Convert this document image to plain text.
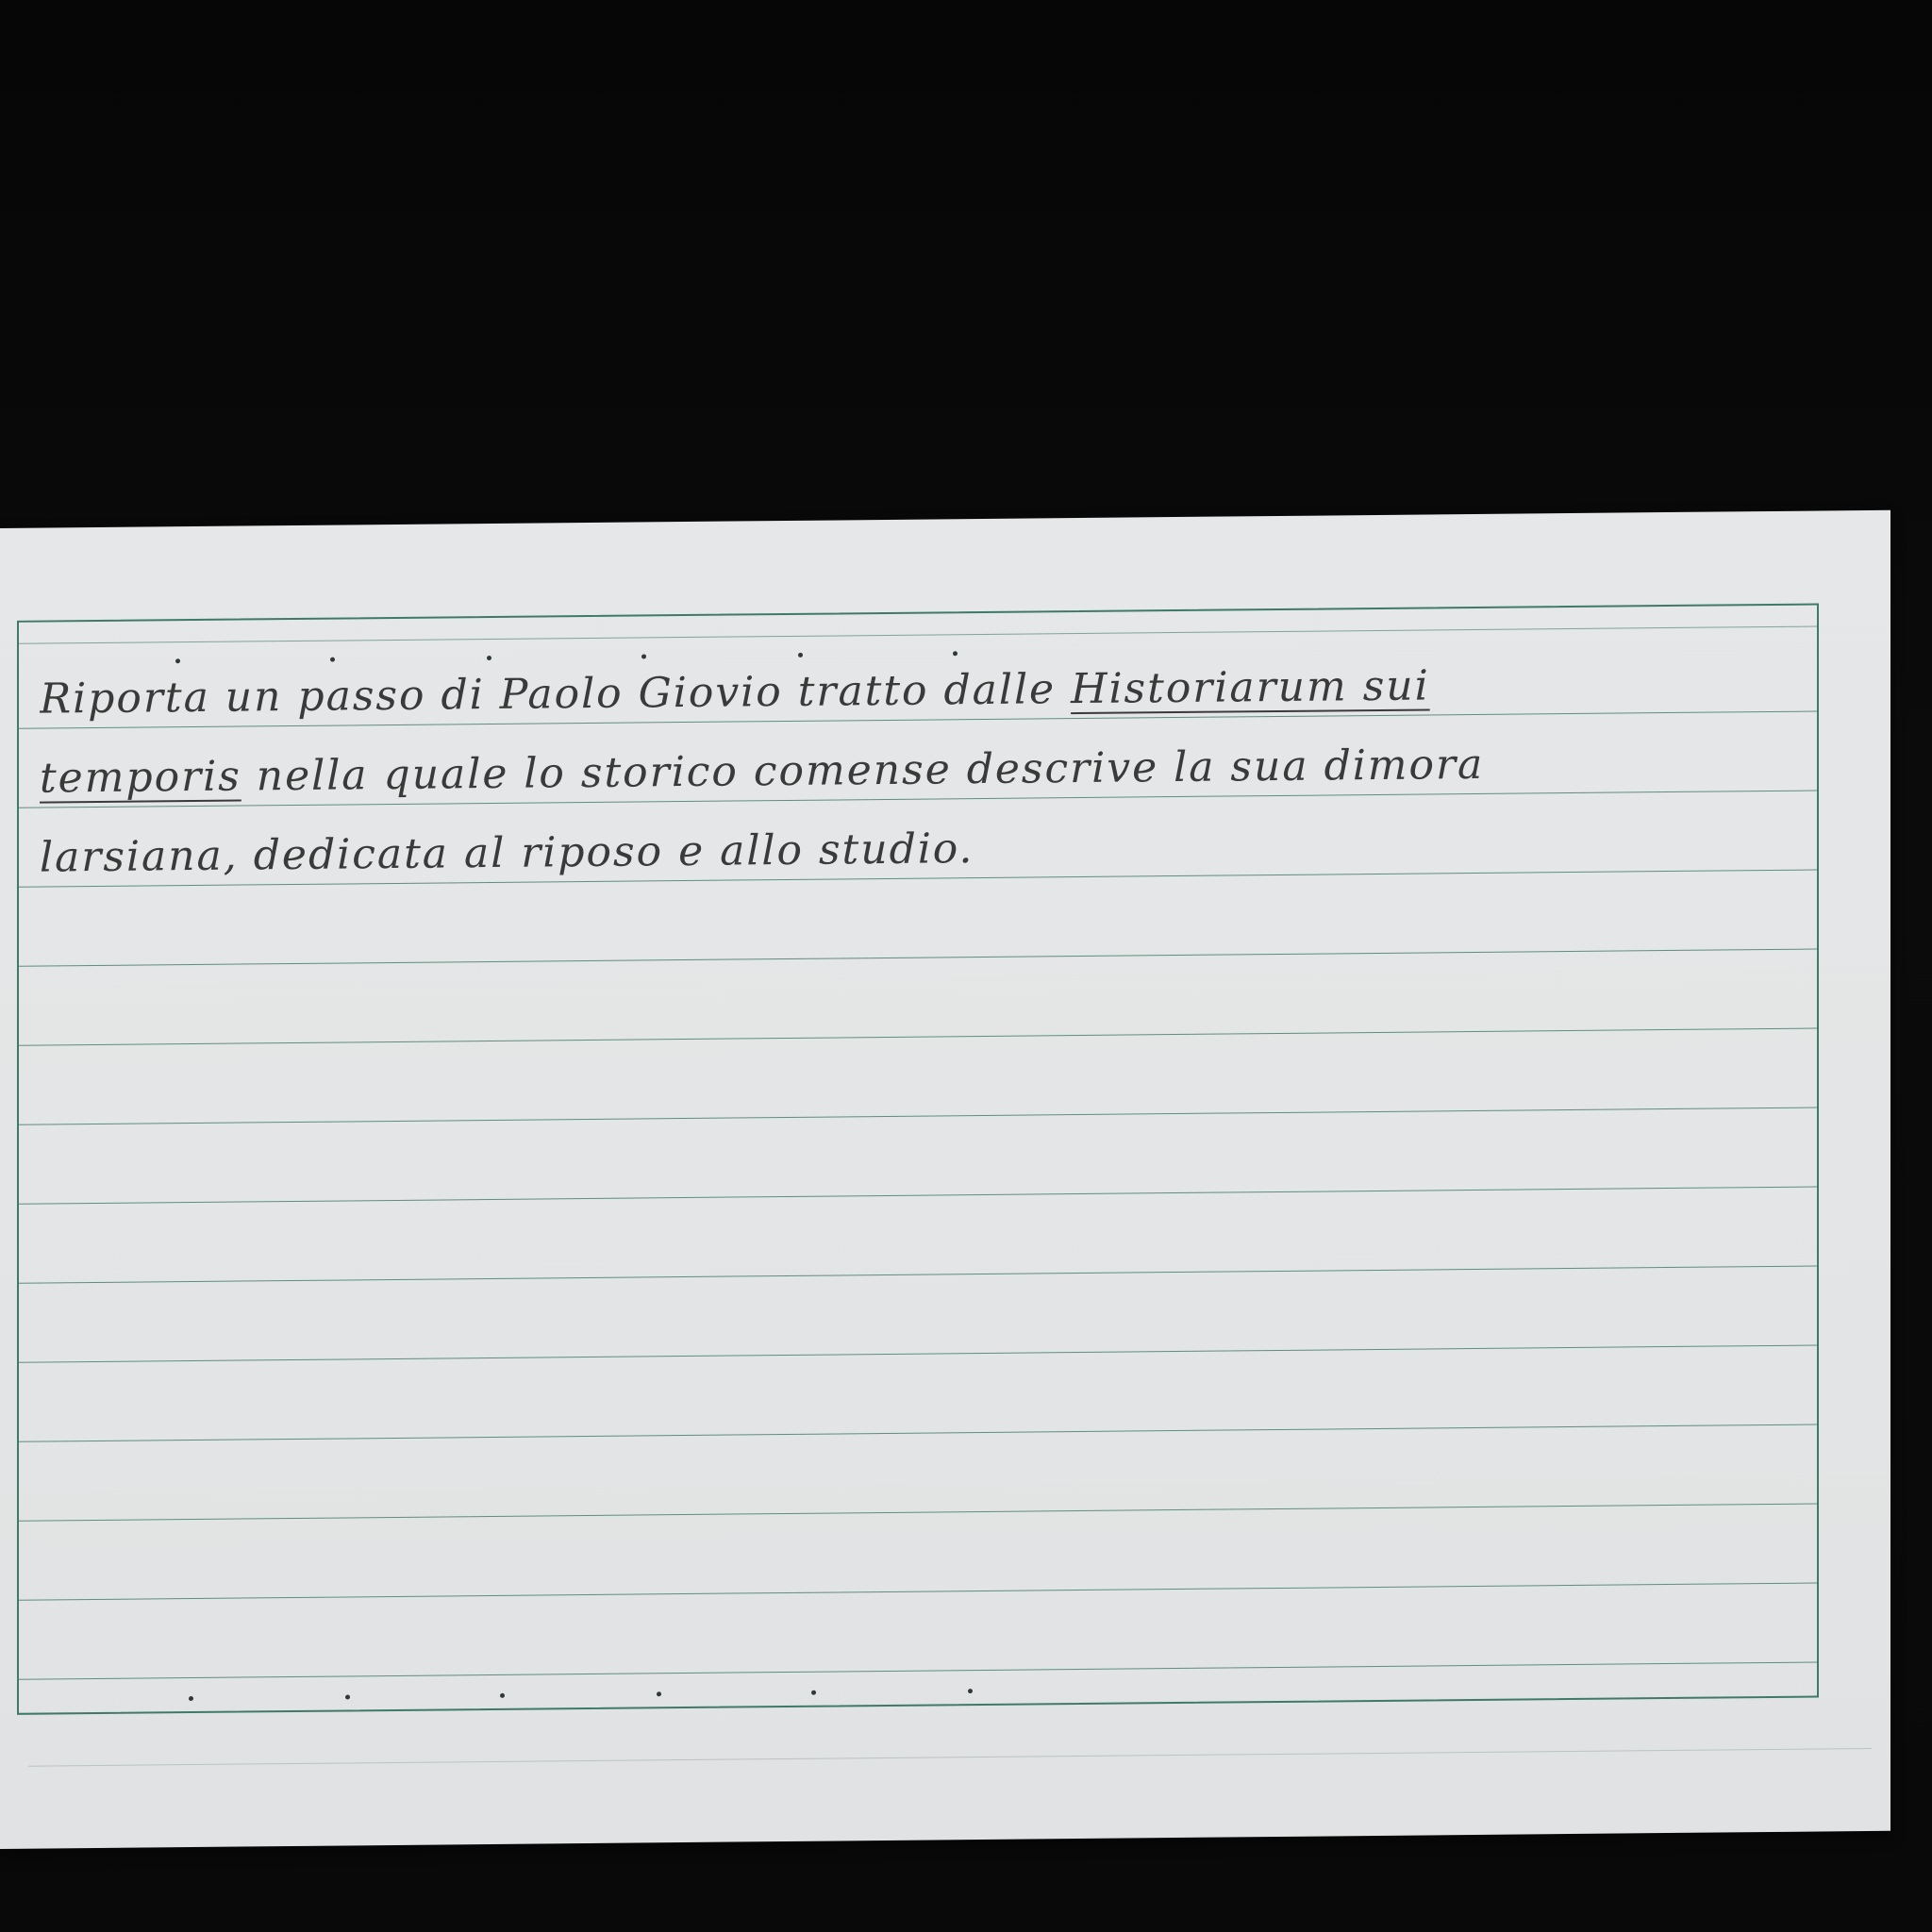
Riporta un passo di Paolo Giovio tratto dalle Historiarum sui
temporis nella quale lo storico comense descrive la sua dimora
larsiana, dedicata al riposo e allo studio.
